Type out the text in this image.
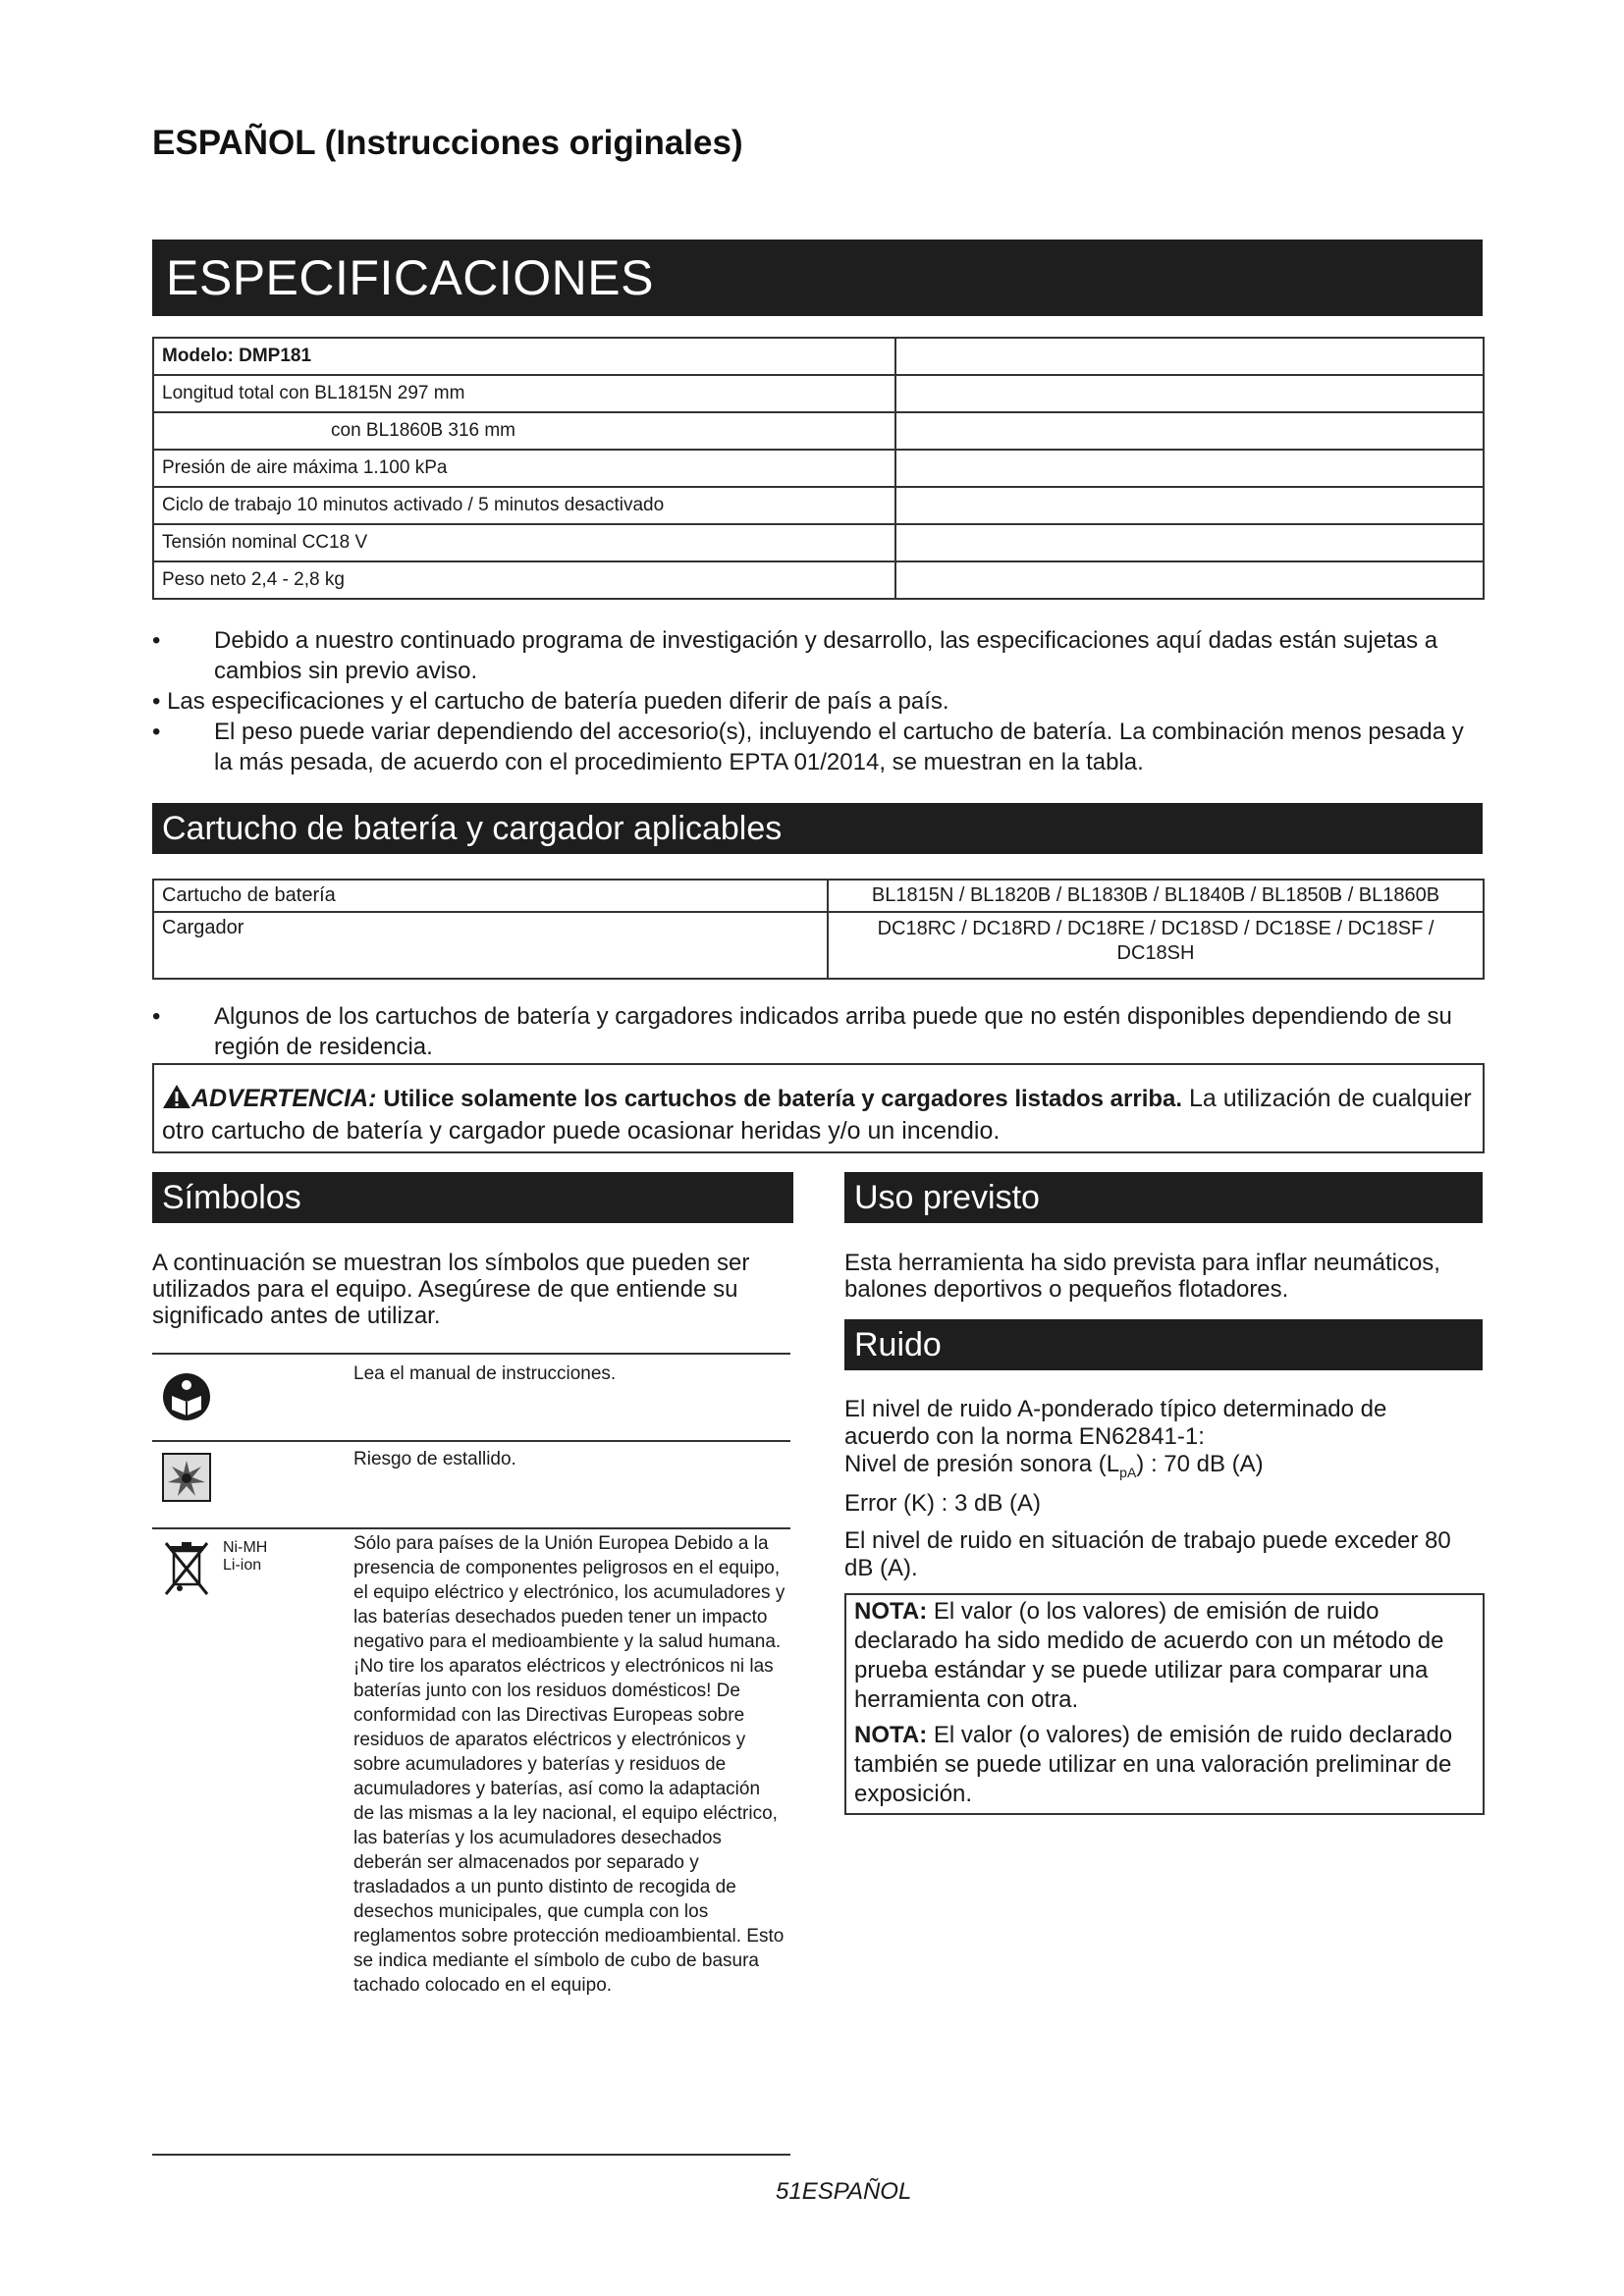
ESPAÑOL (Instrucciones originales)
ESPECIFICACIONES
Modelo: DMP181	
Longitud total con BL1815N 297 mm	
con BL1860B 316 mm	
Presión de aire máxima 1.100 kPa	
Ciclo de trabajo 10 minutos activado / 5 minutos desactivado	
Tensión nominal CC18 V	
Peso neto 2,4 - 2,8 kg	
• Debido a nuestro continuado programa de investigación y desarrollo, las especificaciones aquí dadas están sujetas a cambios sin previo aviso.
• Las especificaciones y el cartucho de batería pueden diferir de país a país.
• El peso puede variar dependiendo del accesorio(s), incluyendo el cartucho de batería. La combinación menos pesada y la más pesada, de acuerdo con el procedimiento EPTA 01/2014, se muestran en la tabla.
Cartucho de batería y cargador aplicables
Cartucho de batería	BL1815N / BL1820B / BL1830B / BL1840B / BL1850B / BL1860B
Cargador	DC18RC / DC18RD / DC18RE / DC18SD / DC18SE / DC18SF / DC18SH
• Algunos de los cartuchos de batería y cargadores indicados arriba puede que no estén disponibles dependiendo de su región de residencia.
ADVERTENCIA: Utilice solamente los cartuchos de batería y cargadores listados arriba. La utilización de cualquier otro cartucho de batería y cargador puede ocasionar heridas y/o un incendio.
Símbolos
A continuación se muestran los símbolos que pueden ser utilizados para el equipo. Asegúrese de que entiende su significado antes de utilizar.
Lea el manual de instrucciones.
Riesgo de estallido.
Ni-MH
Li-ion
Sólo para países de la Unión Europea Debido a la presencia de componentes peligrosos en el equipo, el equipo eléctrico y electrónico, los acumuladores y las baterías desechados pueden tener un impacto negativo para el medioambiente y la salud humana. ¡No tire los aparatos eléctricos y electrónicos ni las baterías junto con los residuos domésticos! De conformidad con las Directivas Europeas sobre residuos de aparatos eléctricos y electrónicos y sobre acumuladores y baterías y residuos de acumuladores y baterías, así como la adaptación de las mismas a la ley nacional, el equipo eléctrico, las baterías y los acumuladores desechados deberán ser almacenados por separado y trasladados a un punto distinto de recogida de desechos municipales, que cumpla con los reglamentos sobre protección medioambiental. Esto se indica mediante el símbolo de cubo de basura tachado colocado en el equipo.
Uso previsto
Esta herramienta ha sido prevista para inflar neumáticos, balones deportivos o pequeños flotadores.
Ruido
El nivel de ruido A-ponderado típico determinado de acuerdo con la norma EN62841-1:
Nivel de presión sonora $(L_{pA})$ : 70 dB (A)
Error (K) : 3 dB (A)
El nivel de ruido en situación de trabajo puede exceder 80 dB (A).

NOTA: El valor (o los valores) de emisión de ruido declarado ha sido medido de acuerdo con un método de prueba estándar y se puede utilizar para comparar una herramienta con otra.

NOTA: El valor (o valores) de emisión de ruido declarado también se puede utilizar en una valoración preliminar de exposición.

51ESPAÑOL
